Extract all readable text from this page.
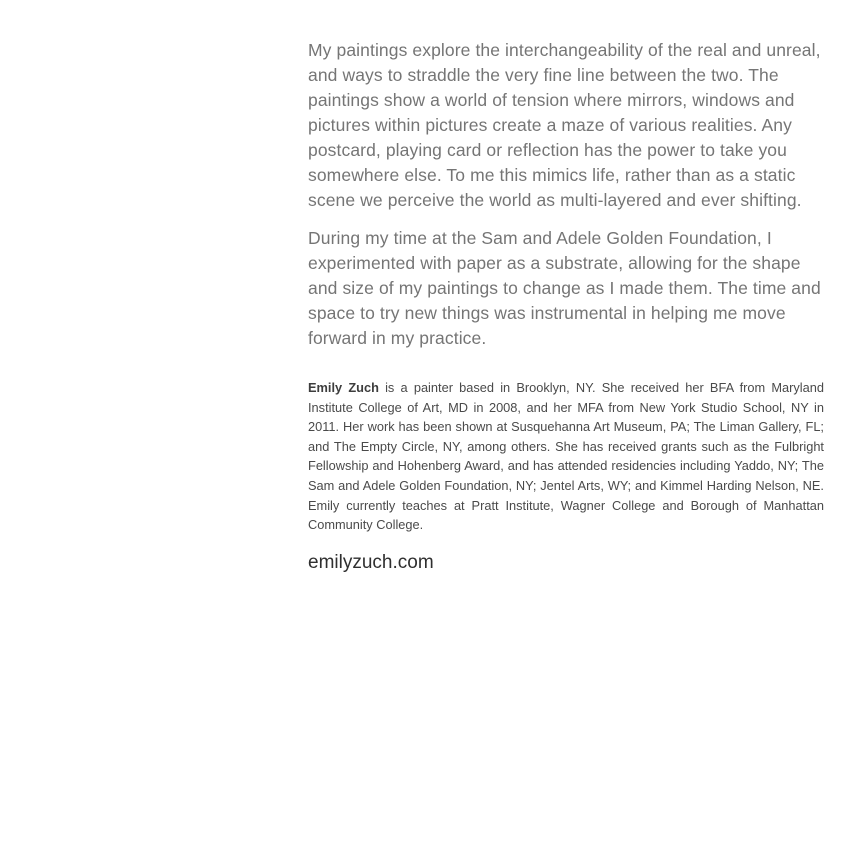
My paintings explore the interchangeability of the real and unreal, and ways to straddle the very fine line between the two. The paintings show a world of tension where mirrors, windows and pictures within pictures create a maze of various realities. Any postcard, playing card or reflection has the power to take you somewhere else. To me this mimics life, rather than as a static scene we perceive the world as multi-layered and ever shifting.

During my time at the Sam and Adele Golden Foundation, I experimented with paper as a substrate, allowing for the shape and size of my paintings to change as I made them. The time and space to try new things was instrumental in helping me move forward in my practice.

Emily Zuch is a painter based in Brooklyn, NY. She received her BFA from Maryland Institute College of Art, MD in 2008, and her MFA from New York Studio School, NY in 2011. Her work has been shown at Susquehanna Art Museum, PA; The Liman Gallery, FL; and The Empty Circle, NY, among others. She has received grants such as the Fulbright Fellowship and Hohenberg Award, and has attended residencies including Yaddo, NY; The Sam and Adele Golden Foundation, NY; Jentel Arts, WY; and Kimmel Harding Nelson, NE. Emily currently teaches at Pratt Institute, Wagner College and Borough of Manhattan Community College.

emilyzuch.com
